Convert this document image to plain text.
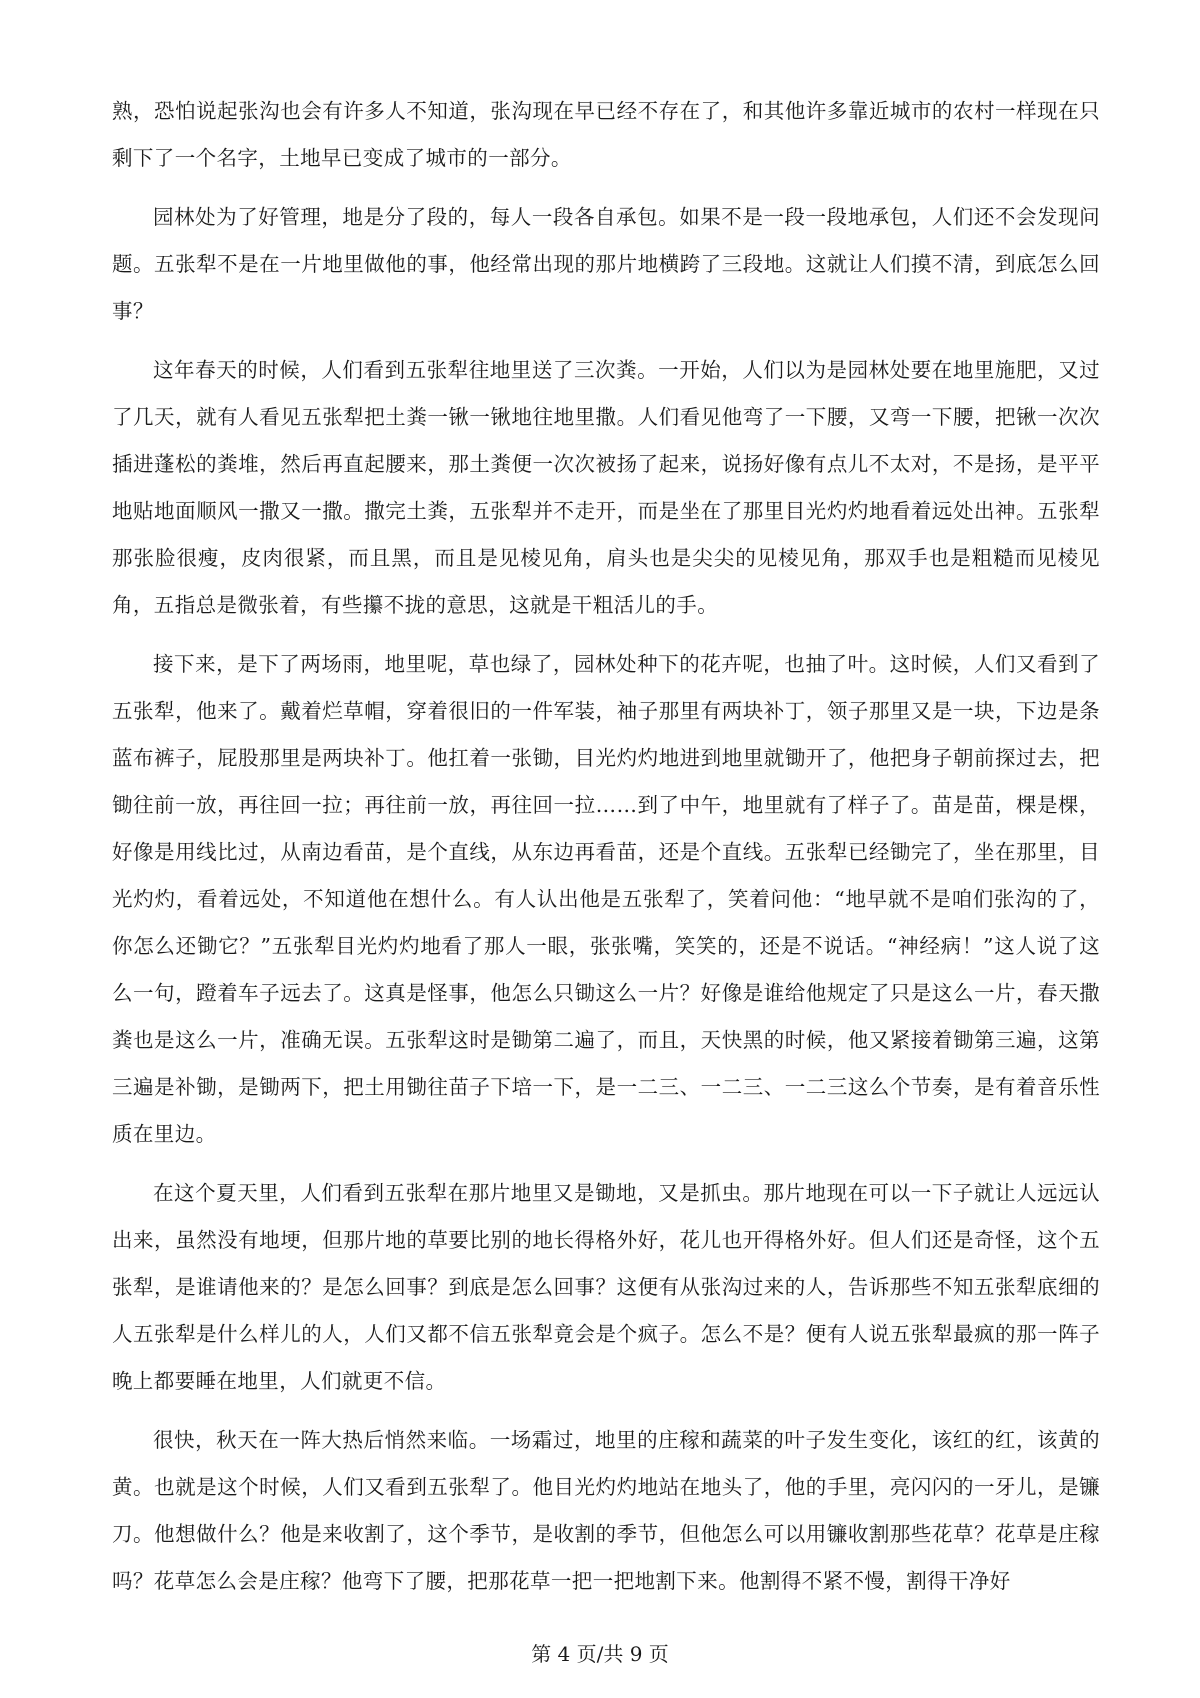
熟，恐怕说起张沟也会有许多人不知道，张沟现在早已经不存在了，和其他许多靠近城市的农村一样现在只剩下了一个名字，土地早已变成了城市的一部分。

园林处为了好管理，地是分了段的，每人一段各自承包。如果不是一段一段地承包，人们还不会发现问题。五张犁不是在一片地里做他的事，他经常出现的那片地横跨了三段地。这就让人们摸不清，到底怎么回事？

这年春天的时候，人们看到五张犁往地里送了三次粪。一开始，人们以为是园林处要在地里施肥，又过了几天，就有人看见五张犁把土粪一锹一锹地往地里撒。人们看见他弯了一下腰，又弯一下腰，把锹一次次插进蓬松的粪堆，然后再直起腰来，那土粪便一次次被扬了起来，说扬好像有点儿不太对，不是扬，是平平地贴地面顺风一撒又一撒。撒完土粪，五张犁并不走开，而是坐在了那里目光灼灼地看着远处出神。五张犁那张脸很瘦，皮肉很紧，而且黑，而且是见棱见角，肩头也是尖尖的见棱见角，那双手也是粗糙而见棱见角，五指总是微张着，有些攥不拢的意思，这就是干粗活儿的手。

接下来，是下了两场雨，地里呢，草也绿了，园林处种下的花卉呢，也抽了叶。这时候，人们又看到了五张犁，他来了。戴着烂草帽，穿着很旧的一件军装，袖子那里有两块补丁，领子那里又是一块，下边是条蓝布裤子，屁股那里是两块补丁。他扛着一张锄，目光灼灼地进到地里就锄开了，他把身子朝前探过去，把锄往前一放，再往回一拉；再往前一放，再往回一拉……到了中午，地里就有了样子了。苗是苗，棵是棵，好像是用线比过，从南边看苗，是个直线，从东边再看苗，还是个直线。五张犁已经锄完了，坐在那里，目光灼灼，看着远处，不知道他在想什么。有人认出他是五张犁了，笑着问他：“地早就不是咱们张沟的了，你怎么还锄它？”五张犁目光灼灼地看了那人一眼，张张嘴，笑笑的，还是不说话。“神经病！”这人说了这么一句，蹬着车子远去了。这真是怪事，他怎么只锄这么一片？好像是谁给他规定了只是这么一片，春天撒粪也是这么一片，准确无误。五张犁这时是锄第二遍了，而且，天快黑的时候，他又紧接着锄第三遍，这第三遍是补锄，是锄两下，把土用锄往苗子下培一下，是一二三、一二三、一二三这么个节奏，是有着音乐性质在里边。

在这个夏天里，人们看到五张犁在那片地里又是锄地，又是抓虫。那片地现在可以一下子就让人远远认出来，虽然没有地埂，但那片地的草要比别的地长得格外好，花儿也开得格外好。但人们还是奇怪，这个五张犁，是谁请他来的？是怎么回事？到底是怎么回事？这便有从张沟过来的人，告诉那些不知五张犁底细的人五张犁是什么样儿的人，人们又都不信五张犁竟会是个疯子。怎么不是？便有人说五张犁最疯的那一阵子晚上都要睡在地里，人们就更不信。

很快，秋天在一阵大热后悄然来临。一场霜过，地里的庄稼和蔬菜的叶子发生变化，该红的红，该黄的黄。也就是这个时候，人们又看到五张犁了。他目光灼灼地站在地头了，他的手里，亮闪闪的一牙儿，是镰刀。他想做什么？他是来收割了，这个季节，是收割的季节，但他怎么可以用镰收割那些花草？花草是庄稼吗？花草怎么会是庄稼？他弯下了腰，把那花草一把一把地割下来。他割得不紧不慢，割得干净好

第 4 页/共 9 页
